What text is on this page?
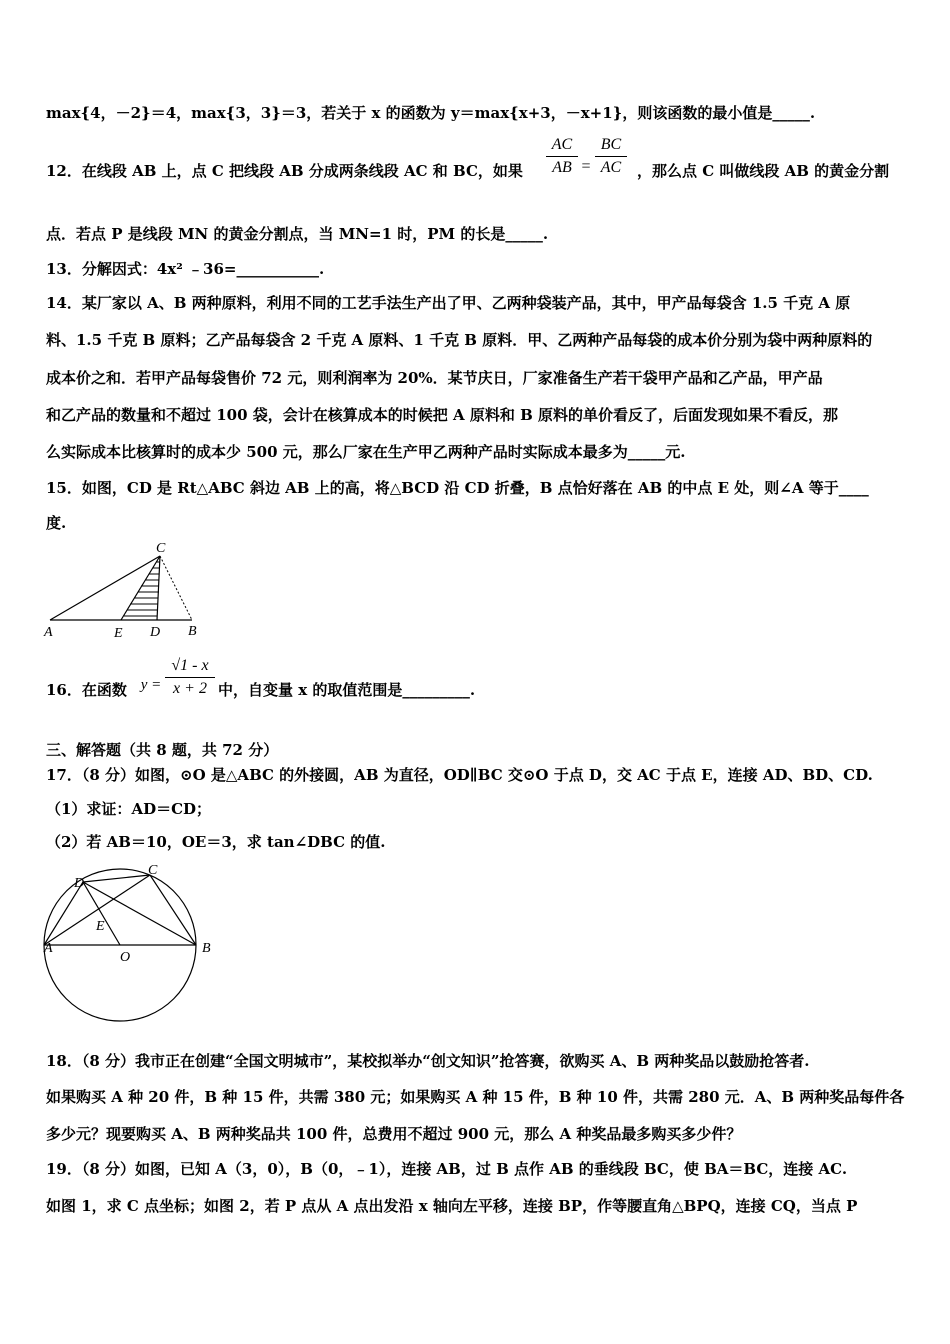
max{4，－2}＝4，max{3，3}＝3，若关于 x 的函数为 y＝max{x+3，－x+1}，则该函数的最小值是_____.
12．在线段 AB 上，点 C 把线段 AB 分成两条线段 AC 和 BC，如果
AC
AB =
BC
AC	，那么点 C 叫做线段 AB 的黄金分割
点．若点 P 是线段 MN 的黄金分割点，当 MN=1 时，PM 的长是_____.
13．分解因式：4x² ﹣36=___________.
14．某厂家以 A、B 两种原料，利用不同的工艺手法生产出了甲、乙两种袋装产品，其中，甲产品每袋含 1.5 千克 A 原
料、1.5 千克 B 原料；乙产品每袋含 2 千克 A 原料、1 千克 B 原料．甲、乙两种产品每袋的成本价分别为袋中两种原料的
成本价之和．若甲产品每袋售价 72 元，则利润率为 20%．某节庆日，厂家准备生产若干袋甲产品和乙产品，甲产品
和乙产品的数量和不超过 100 袋，会计在核算成本的时候把 A 原料和 B 原料的单价看反了，后面发现如果不看反，那
么实际成本比核算时的成本少 500 元，那么厂家在生产甲乙两种产品时实际成本最多为_____元.
15．如图，CD 是 Rt△ABC 斜边 AB 上的高，将△BCD 沿 CD 折叠，B 点恰好落在 AB 的中点 E 处，则∠A 等于____
度.
C
A	E D B
16．在函数 y =
√1 - x
x + 2 中，自变量 x 的取值范围是_________.
三、解答题（共 8 题，共 72 分）
17．（8 分）如图，⊙O 是△ABC 的外接圆，AB 为直径，OD∥BC 交⊙O 于点 D，交 AC 于点 E，连接 AD、BD、CD.
（1）求证：AD＝CD；
（2）若 AB＝10，OE＝3，求 tan∠DBC 的值.
D
C
E
A
O
B
18．（8 分）我市正在创建“全国文明城市”，某校拟举办“创文知识”抢答赛，欲购买 A、B 两种奖品以鼓励抢答者.
如果购买 A 种 20 件，B 种 15 件，共需 380 元；如果购买 A 种 15 件，B 种 10 件，共需 280 元．A、B 两种奖品每件各
多少元？现要购买 A、B 两种奖品共 100 件，总费用不超过 900 元，那么 A 种奖品最多购买多少件？
19．（8 分）如图，已知 A（3，0），B（0，﹣1），连接 AB，过 B 点作 AB 的垂线段 BC，使 BA＝BC，连接 AC.
如图 1，求 C 点坐标；如图 2，若 P 点从 A 点出发沿 x 轴向左平移，连接 BP，作等腰直角△BPQ，连接 CQ，当点 P
